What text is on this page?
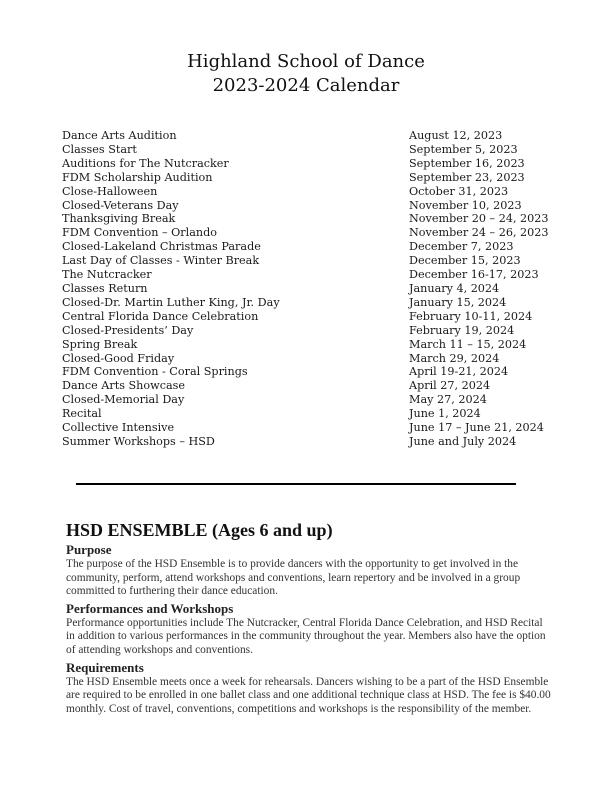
Highland School of Dance
2023-2024 Calendar
Dance Arts Audition	August 12, 2023
Classes Start	September 5, 2023
Auditions for The Nutcracker	September 16, 2023
FDM Scholarship Audition	September 23, 2023
Close-Halloween	October 31, 2023
Closed-Veterans Day	November 10, 2023
Thanksgiving Break	November 20 – 24, 2023
FDM Convention – Orlando	November 24 – 26, 2023
Closed-Lakeland Christmas Parade	December 7, 2023
Last Day of Classes - Winter Break	December 15, 2023
The Nutcracker	December 16-17, 2023
Classes Return	January 4, 2024
Closed-Dr. Martin Luther King, Jr. Day	January 15, 2024
Central Florida Dance Celebration	February 10-11, 2024
Closed-Presidents’ Day	February 19, 2024
Spring Break	March 11 – 15, 2024
Closed-Good Friday	March 29, 2024
FDM Convention - Coral Springs	April 19-21, 2024
Dance Arts Showcase	April 27, 2024
Closed-Memorial Day	May 27, 2024
Recital	June 1, 2024
Collective Intensive	June 17 – June 21, 2024
Summer Workshops – HSD	June and July 2024
HSD ENSEMBLE (Ages 6 and up)
Purpose

The purpose of the HSD Ensemble is to provide dancers with the opportunity to get involved in the community, perform, attend workshops and conventions, learn repertory and be involved in a group committed to furthering their dance education.

Performances and Workshops

Performance opportunities include The Nutcracker, Central Florida Dance Celebration, and HSD Recital in addition to various performances in the community throughout the year. Members also have the option of attending workshops and conventions.

Requirements

The HSD Ensemble meets once a week for rehearsals. Dancers wishing to be a part of the HSD Ensemble are required to be enrolled in one ballet class and one additional technique class at HSD. The fee is $40.00 monthly. Cost of travel, conventions, competitions and workshops is the responsibility of the member.
